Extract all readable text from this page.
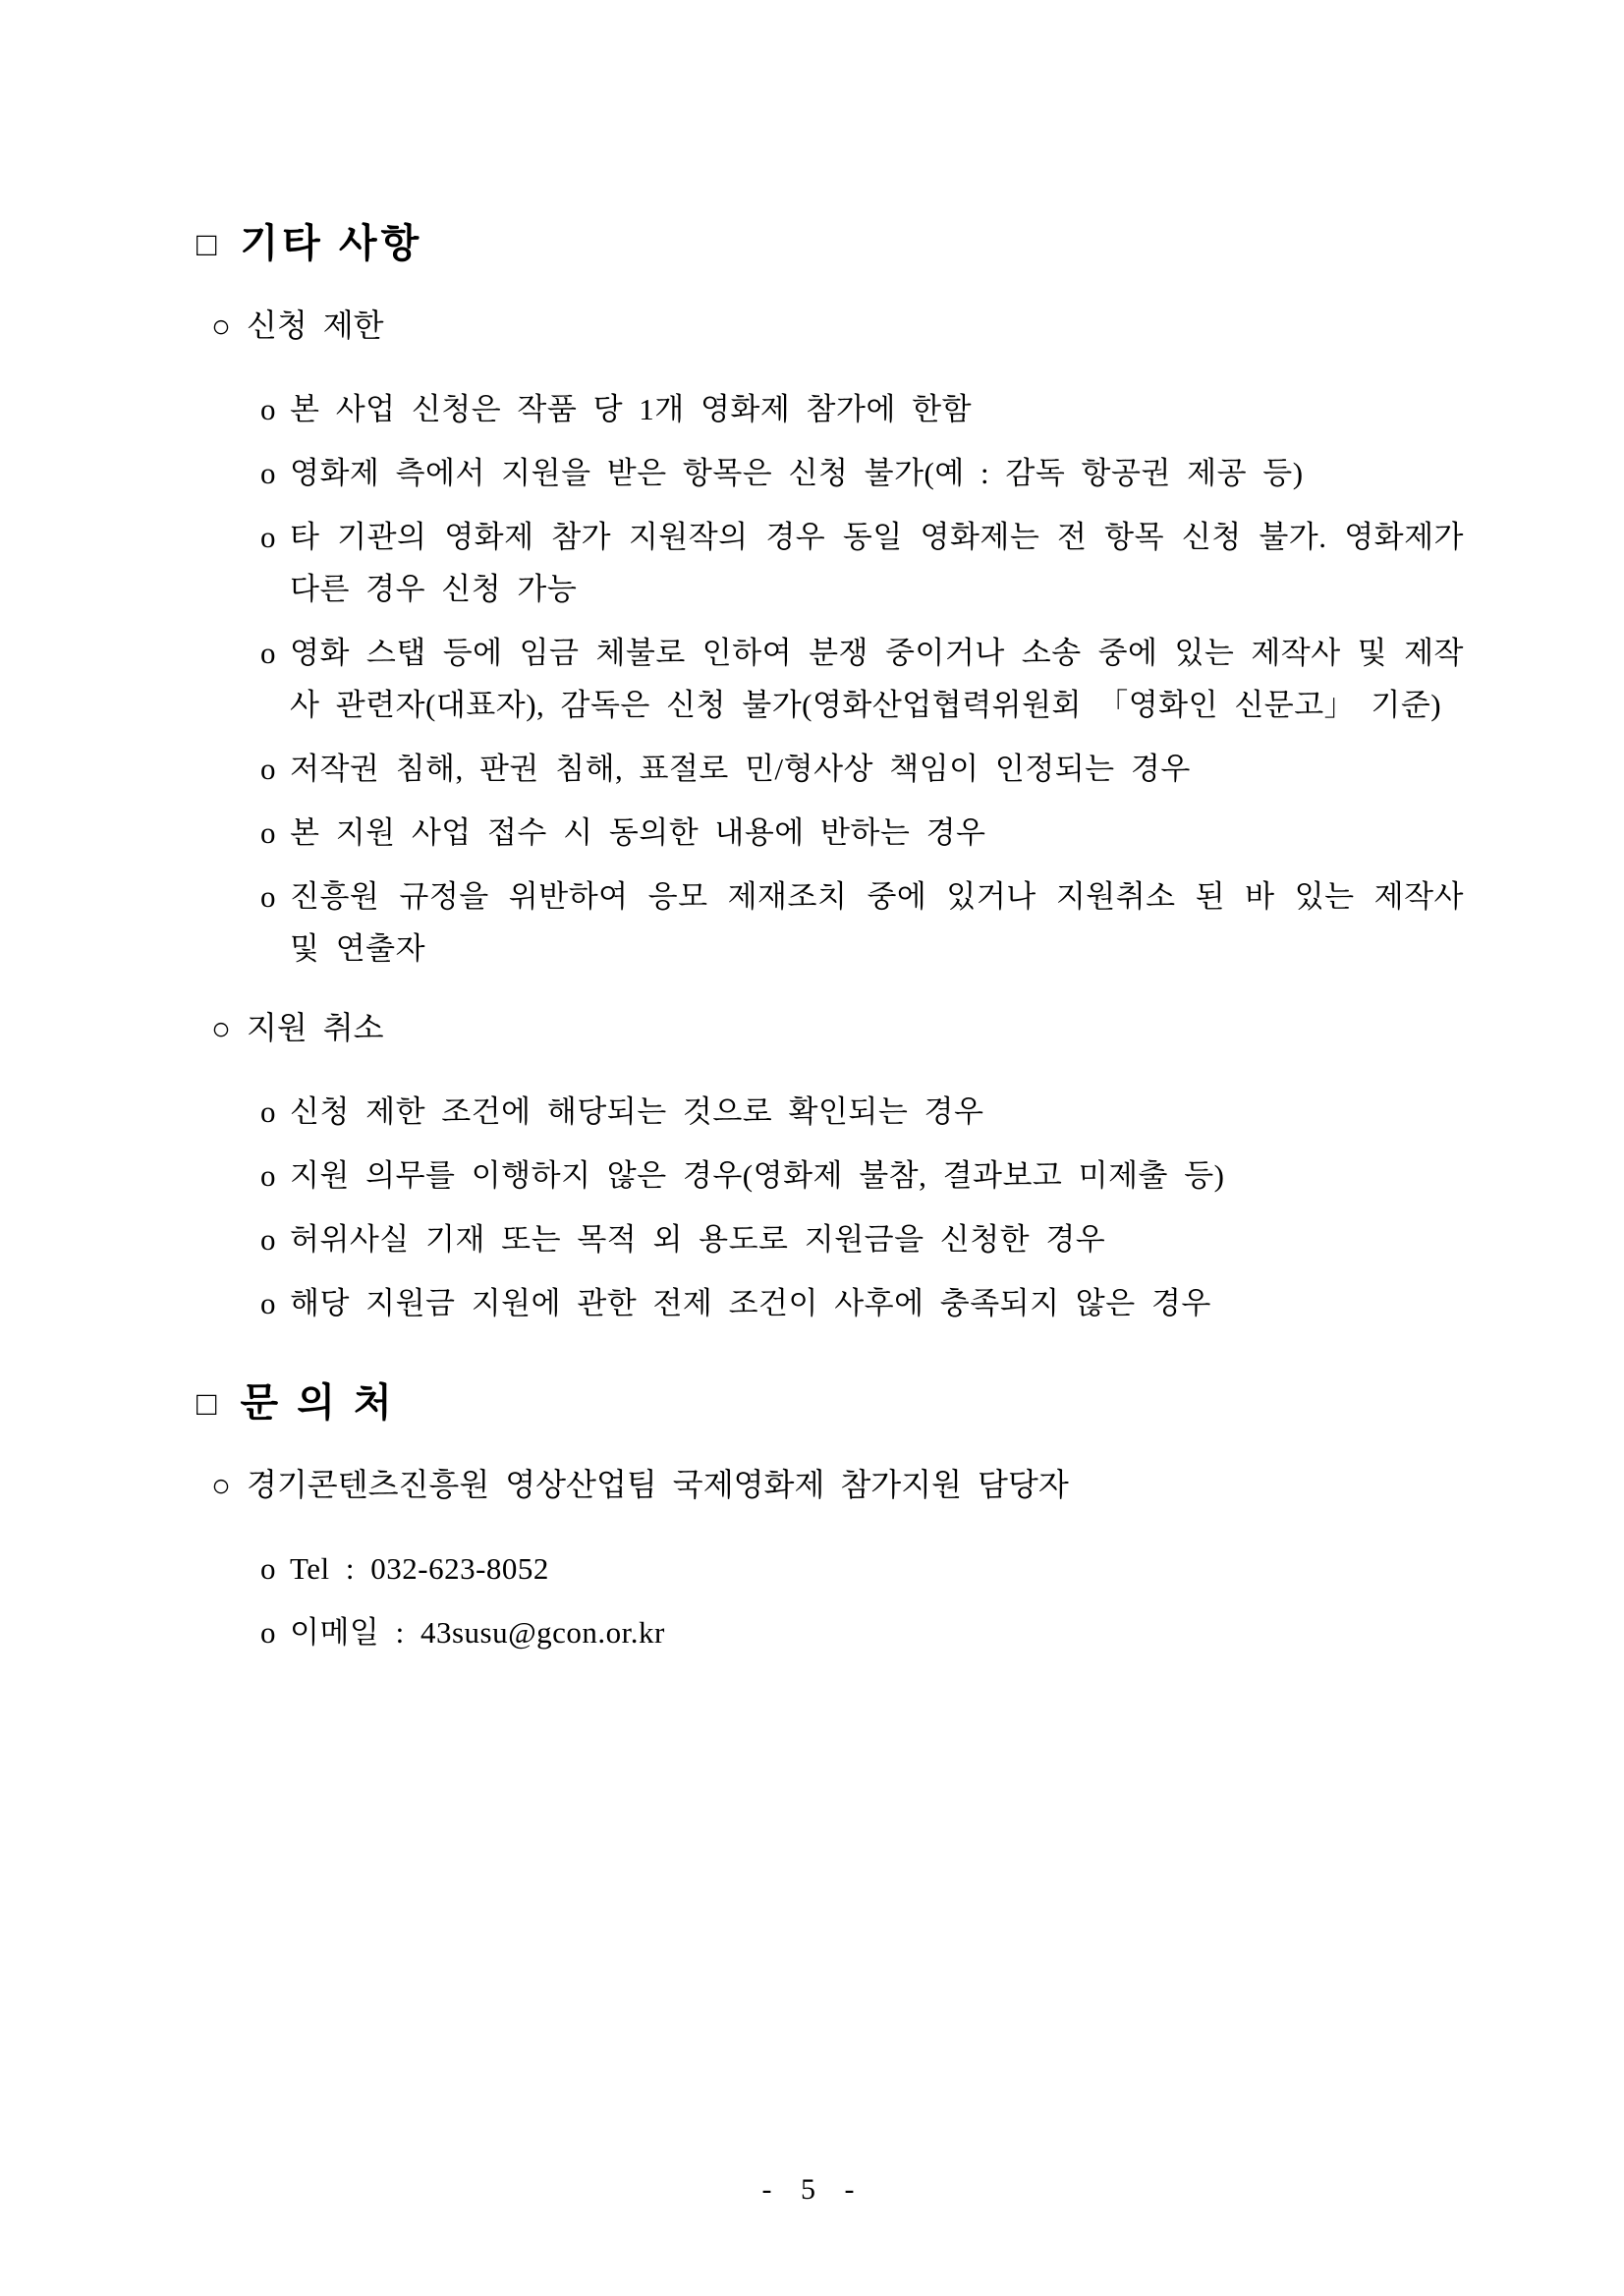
□ 기타 사항
○ 신청 제한
o 본 사업 신청은 작품 당 1개 영화제 참가에 한함
o 영화제 측에서 지원을 받은 항목은 신청 불가(예 : 감독 항공권 제공 등)
o 타 기관의 영화제 참가 지원작의 경우 동일 영화제는 전 항목 신청 불가. 영화제가 다른 경우 신청 가능
o 영화 스탭 등에 임금 체불로 인하여 분쟁 중이거나 소송 중에 있는 제작사 및 제작사 관련자(대표자), 감독은 신청 불가(영화산업협력위원회 「영화인 신문고」 기준)
o 저작권 침해, 판권 침해, 표절로 민/형사상 책임이 인정되는 경우
o 본 지원 사업 접수 시 동의한 내용에 반하는 경우
o 진흥원 규정을 위반하여 응모 제재조치 중에 있거나 지원취소 된 바 있는 제작사 및 연출자
○ 지원 취소
o 신청 제한 조건에 해당되는 것으로 확인되는 경우
o 지원 의무를 이행하지 않은 경우(영화제 불참, 결과보고 미제출 등)
o 허위사실 기재 또는 목적 외 용도로 지원금을 신청한 경우
o 해당 지원금 지원에 관한 전제 조건이 사후에 충족되지 않은 경우
□ 문 의 처
○ 경기콘텐츠진흥원 영상산업팀 국제영화제 참가지원 담당자
o Tel : 032-623-8052
o 이메일 : 43susu@gcon.or.kr
- 5 -
